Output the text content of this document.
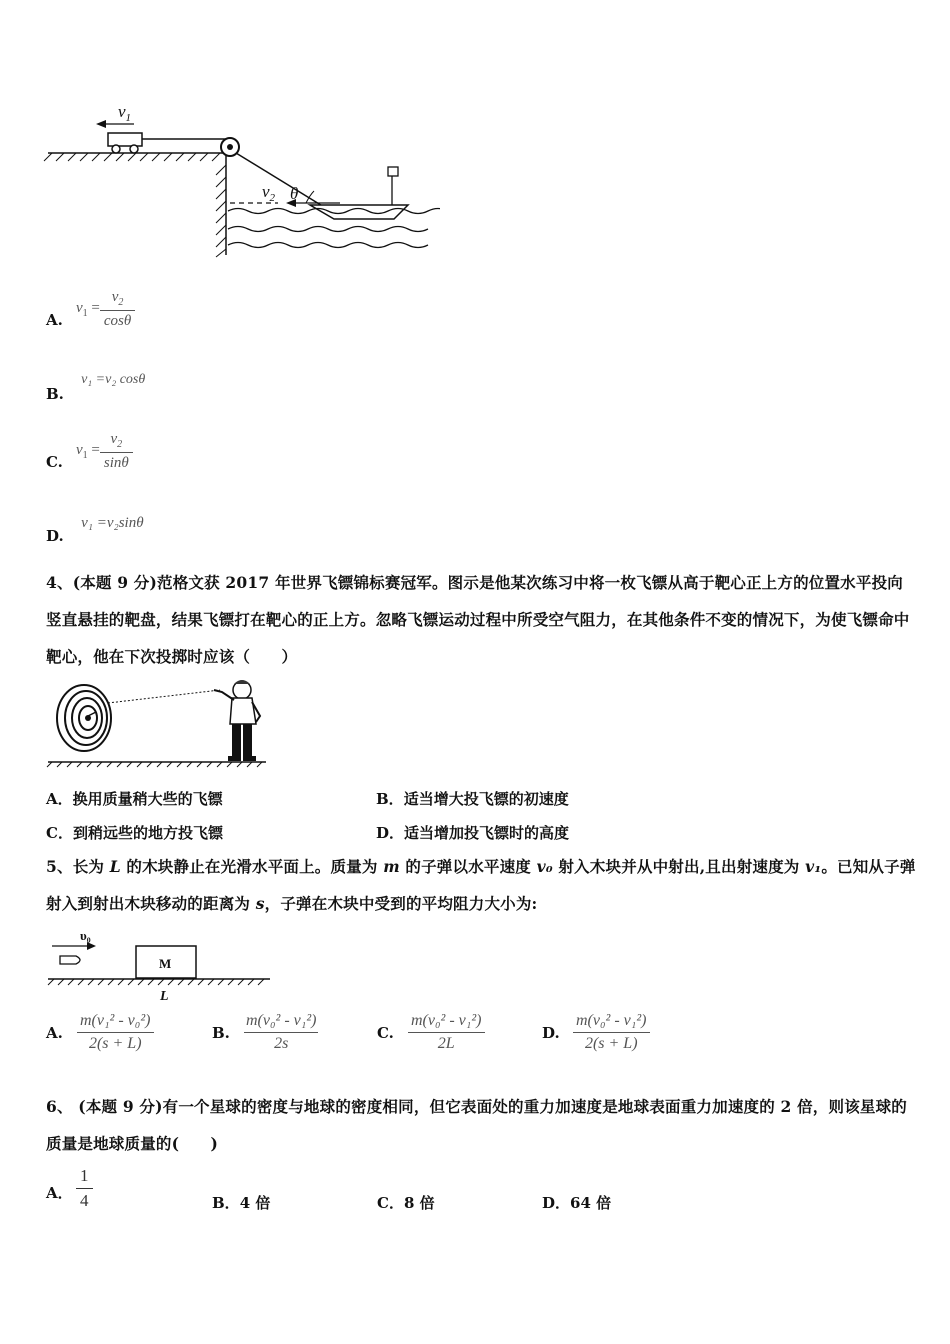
$v_1$
$v_2$ θ
A.
$v_1 = \frac{v_2}{\cos\theta}$
B. v₁ =v₂ cosθ
C.
$v_1 = \frac{v_2}{\sin\theta}$
D. v₁ =v₂sinθ
4、(本题 9 分)范格文获 2017 年世界飞镖锦标赛冠军。图示是他某次练习中将一枚飞镖从高于靶心正上方的位置水平投向竖直悬挂的靶盘，结果飞镖打在靶心的正上方。忽略飞镖运动过程中所受空气阻力，在其他条件不变的情况下，为使飞镖命中靶心，他在下次投掷时应该（　　）
A．换用质量稍大些的飞镖	B．适当增大投飞镖的初速度
C．到稍远些的地方投飞镖	D．适当增加投飞镖时的高度
5、长为 L 的木块静止在光滑水平面上。质量为 m 的子弹以水平速度 v₀ 射入木块并从中射出,且出射速度为 v₁。已知从子弹射入到射出木块移动的距离为 s，子弹在木块中受到的平均阻力大小为:
υ₀
M
L
A. $\frac{\text{m(v₁² - v₀²)}}{2(s + L)}$	B. $\frac{\text{m(v₀² - v₁²)}}{2s}$	C. $\frac{\text{m(v₀² - v₁²)}}{2L}$	D. $\frac{\text{m(v₀² - v₁²)}}{2(s + L)}$
6、 (本题 9 分)有一个星球的密度与地球的密度相同，但它表面处的重力加速度是地球表面重力加速度的 2 倍，则该星球的质量是地球质量的(　　)
A． $\frac{1}{4}$	B．4 倍	C．8 倍	D．64 倍
